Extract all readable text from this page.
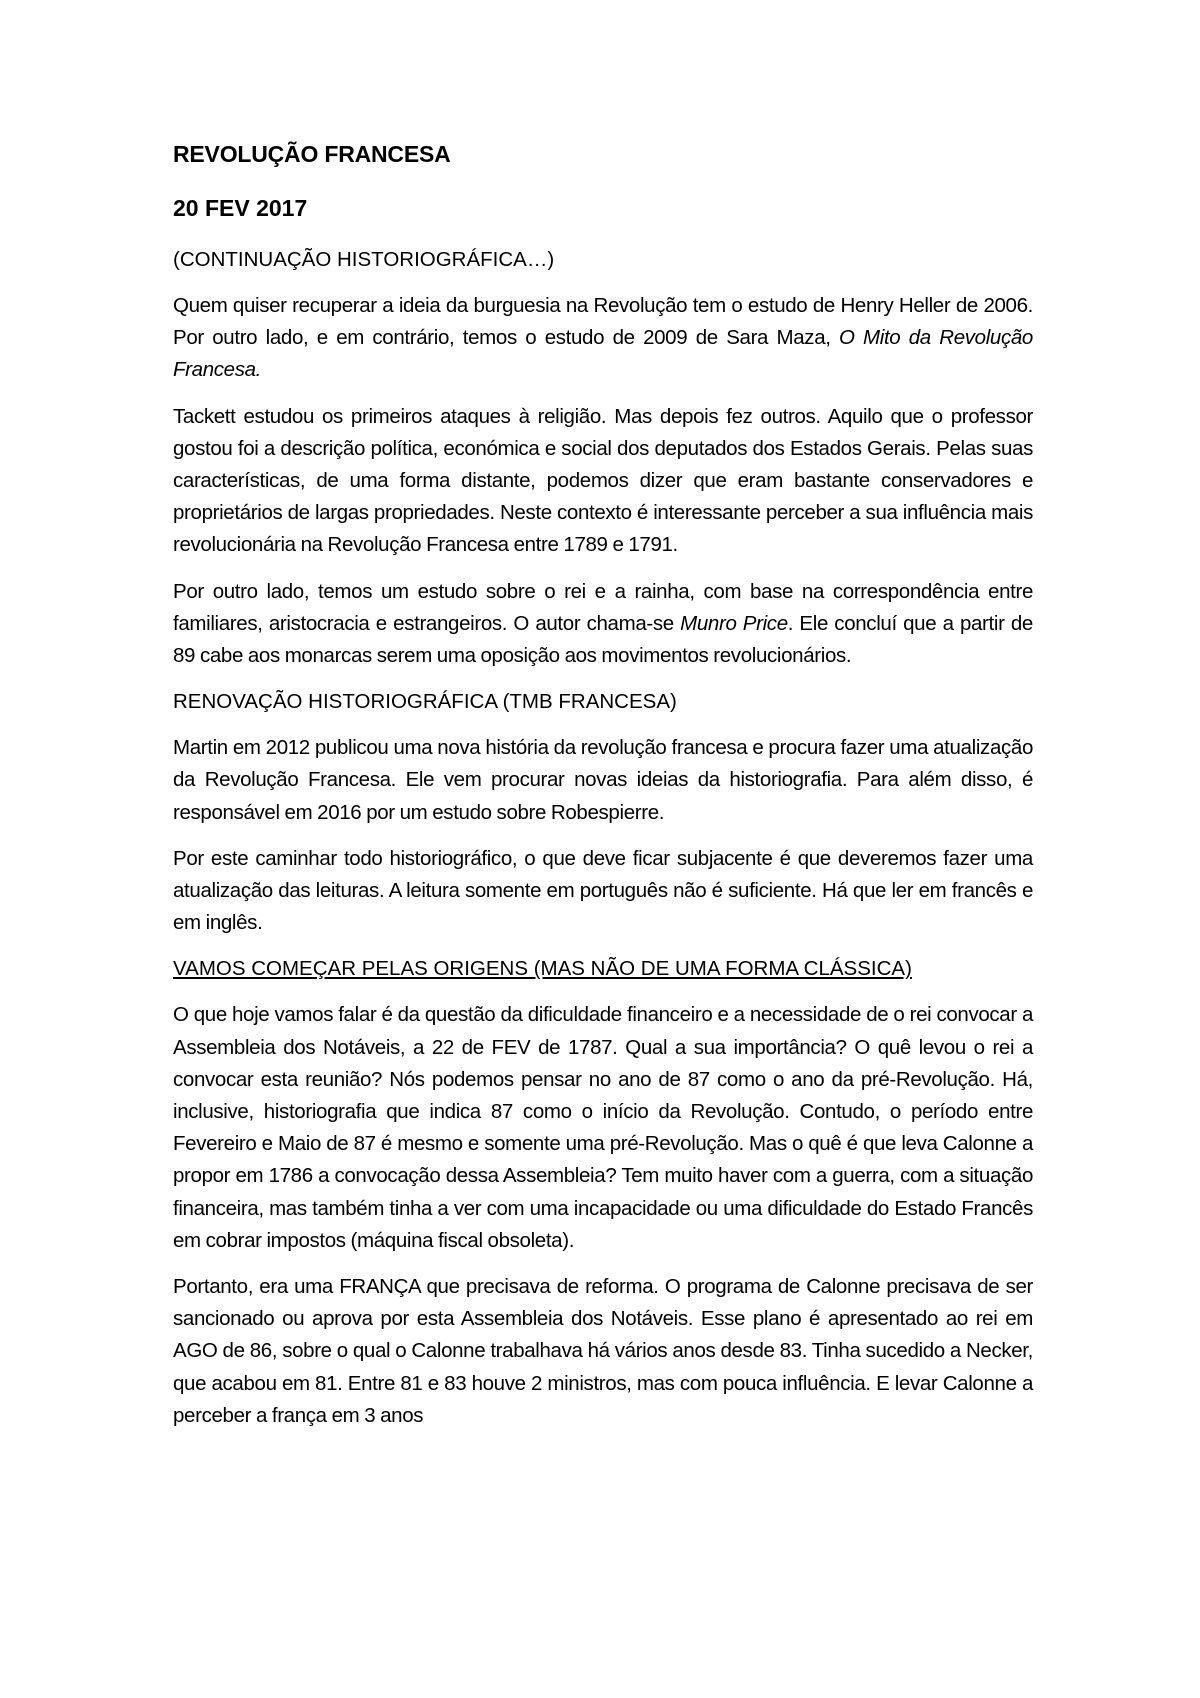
REVOLUÇÃO FRANCESA
20 FEV 2017
(CONTINUAÇÃO HISTORIOGRÁFICA…)

Quem quiser recuperar a ideia da burguesia na Revolução tem o estudo de Henry Heller de 2006. Por outro lado, e em contrário, temos o estudo de 2009 de Sara Maza, O Mito da Revolução Francesa.

Tackett estudou os primeiros ataques à religião. Mas depois fez outros. Aquilo que o professor gostou foi a descrição política, económica e social dos deputados dos Estados Gerais. Pelas suas características, de uma forma distante, podemos dizer que eram bastante conservadores e proprietários de largas propriedades. Neste contexto é interessante perceber a sua influência mais revolucionária na Revolução Francesa entre 1789 e 1791.

Por outro lado, temos um estudo sobre o rei e a rainha, com base na correspondência entre familiares, aristocracia e estrangeiros. O autor chama-se Munro Price. Ele concluí que a partir de 89 cabe aos monarcas serem uma oposição aos movimentos revolucionários.

RENOVAÇÃO HISTORIOGRÁFICA (TMB FRANCESA)

Martin em 2012 publicou uma nova história da revolução francesa e procura fazer uma atualização da Revolução Francesa. Ele vem procurar novas ideias da historiografia. Para além disso, é responsável em 2016 por um estudo sobre Robespierre.

Por este caminhar todo historiográfico, o que deve ficar subjacente é que deveremos fazer uma atualização das leituras. A leitura somente em português não é suficiente. Há que ler em francês e em inglês.

VAMOS COMEÇAR PELAS ORIGENS (MAS NÃO DE UMA FORMA CLÁSSICA)

O que hoje vamos falar é da questão da dificuldade financeiro e a necessidade de o rei convocar a Assembleia dos Notáveis, a 22 de FEV de 1787. Qual a sua importância? O quê levou o rei a convocar esta reunião? Nós podemos pensar no ano de 87 como o ano da pré-Revolução. Há, inclusive, historiografia que indica 87 como o início da Revolução. Contudo, o período entre Fevereiro e Maio de 87 é mesmo e somente uma pré-Revolução. Mas o quê é que leva Calonne a propor em 1786 a convocação dessa Assembleia? Tem muito haver com a guerra, com a situação financeira, mas também tinha a ver com uma incapacidade ou uma dificuldade do Estado Francês em cobrar impostos (máquina fiscal obsoleta).

Portanto, era uma FRANÇA que precisava de reforma. O programa de Calonne precisava de ser sancionado ou aprova por esta Assembleia dos Notáveis. Esse plano é apresentado ao rei em AGO de 86, sobre o qual o Calonne trabalhava há vários anos desde 83. Tinha sucedido a Necker, que acabou em 81. Entre 81 e 83 houve 2 ministros, mas com pouca influência. E levar Calonne a perceber a frança em 3 anos
